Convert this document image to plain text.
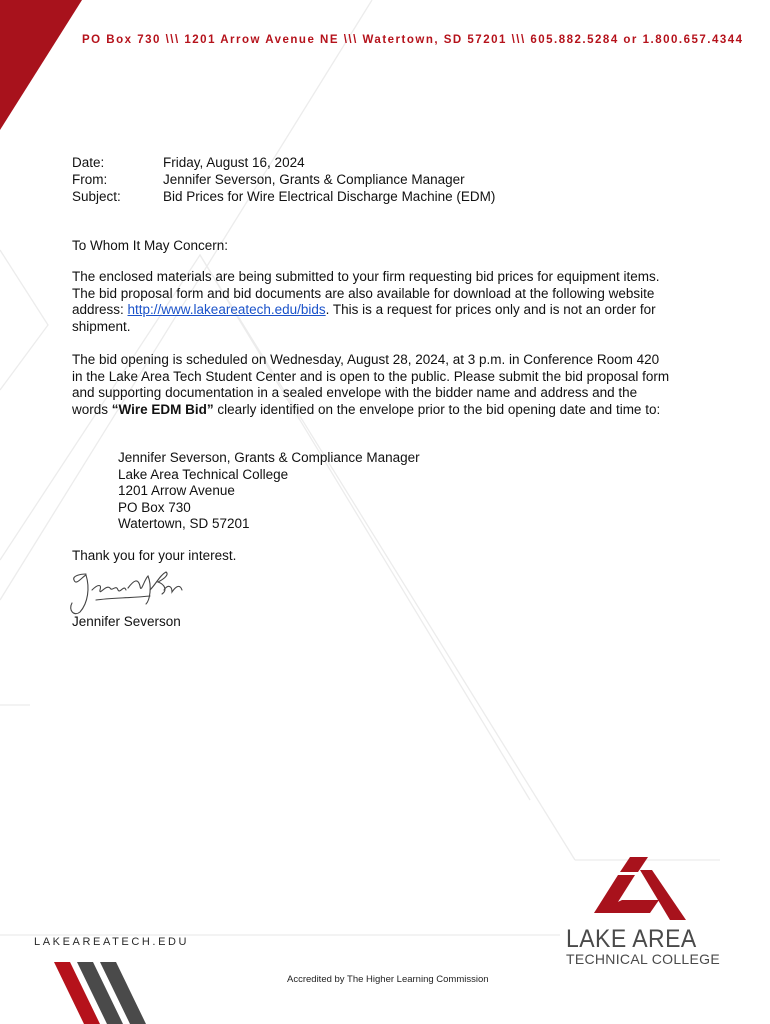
PO Box 730 \\\ 1201 Arrow Avenue NE \\\ Watertown, SD 57201 \\\ 605.882.5284 or 1.800.657.4344
Date:	Friday, August 16, 2024
From:	Jennifer Severson, Grants & Compliance Manager
Subject:	Bid Prices for Wire Electrical Discharge Machine (EDM)
To Whom It May Concern:
The enclosed materials are being submitted to your firm requesting bid prices for equipment items. The bid proposal form and bid documents are also available for download at the following website address: http://www.lakeareatech.edu/bids. This is a request for prices only and is not an order for shipment.
The bid opening is scheduled on Wednesday, August 28, 2024, at 3 p.m. in Conference Room 420 in the Lake Area Tech Student Center and is open to the public. Please submit the bid proposal form and supporting documentation in a sealed envelope with the bidder name and address and the words “Wire EDM Bid” clearly identified on the envelope prior to the bid opening date and time to:
Jennifer Severson, Grants & Compliance Manager
Lake Area Technical College
1201 Arrow Avenue
PO Box 730
Watertown, SD 57201
Thank you for your interest.
Jennifer Severson
LAKEAREATECH.EDU	LAKE AREA
TECHNICAL COLLEGE
Accredited by The Higher Learning Commission
